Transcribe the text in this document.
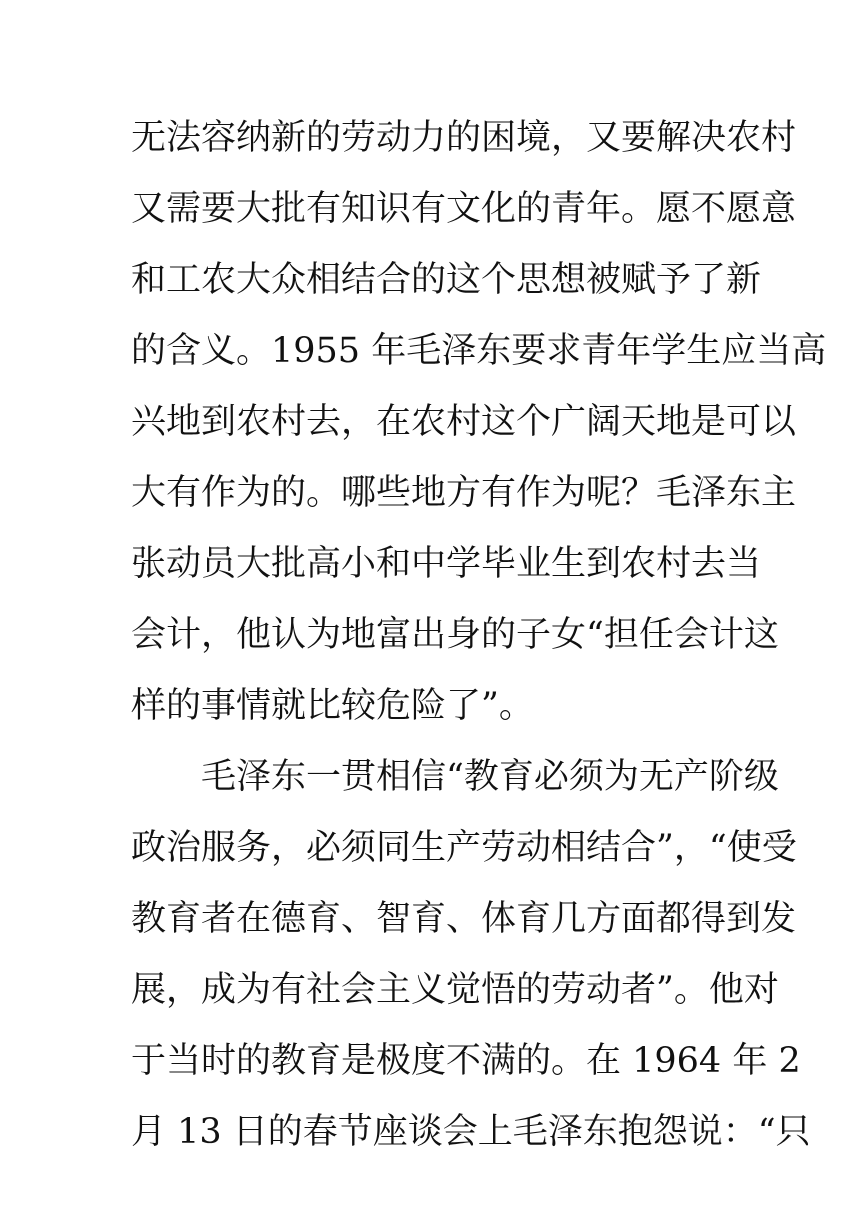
无法容纳新的劳动力的困境，又要解决农村
又需要大批有知识有文化的青年。愿不愿意
和工农大众相结合的这个思想被赋予了新
的含义。1955 年毛泽东要求青年学生应当高
兴地到农村去，在农村这个广阔天地是可以
大有作为的。哪些地方有作为呢？毛泽东主
张动员大批高小和中学毕业生到农村去当
会计，他认为地富出身的子女“担任会计这
样的事情就比较危险了”。
毛泽东一贯相信“教育必须为无产阶级
政治服务，必须同生产劳动相结合”，“使受
教育者在德育、智育、体育几方面都得到发
展，成为有社会主义觉悟的劳动者”。他对
于当时的教育是极度不满的。在 1964 年 2
月 13 日的春节座谈会上毛泽东抱怨说：“只
